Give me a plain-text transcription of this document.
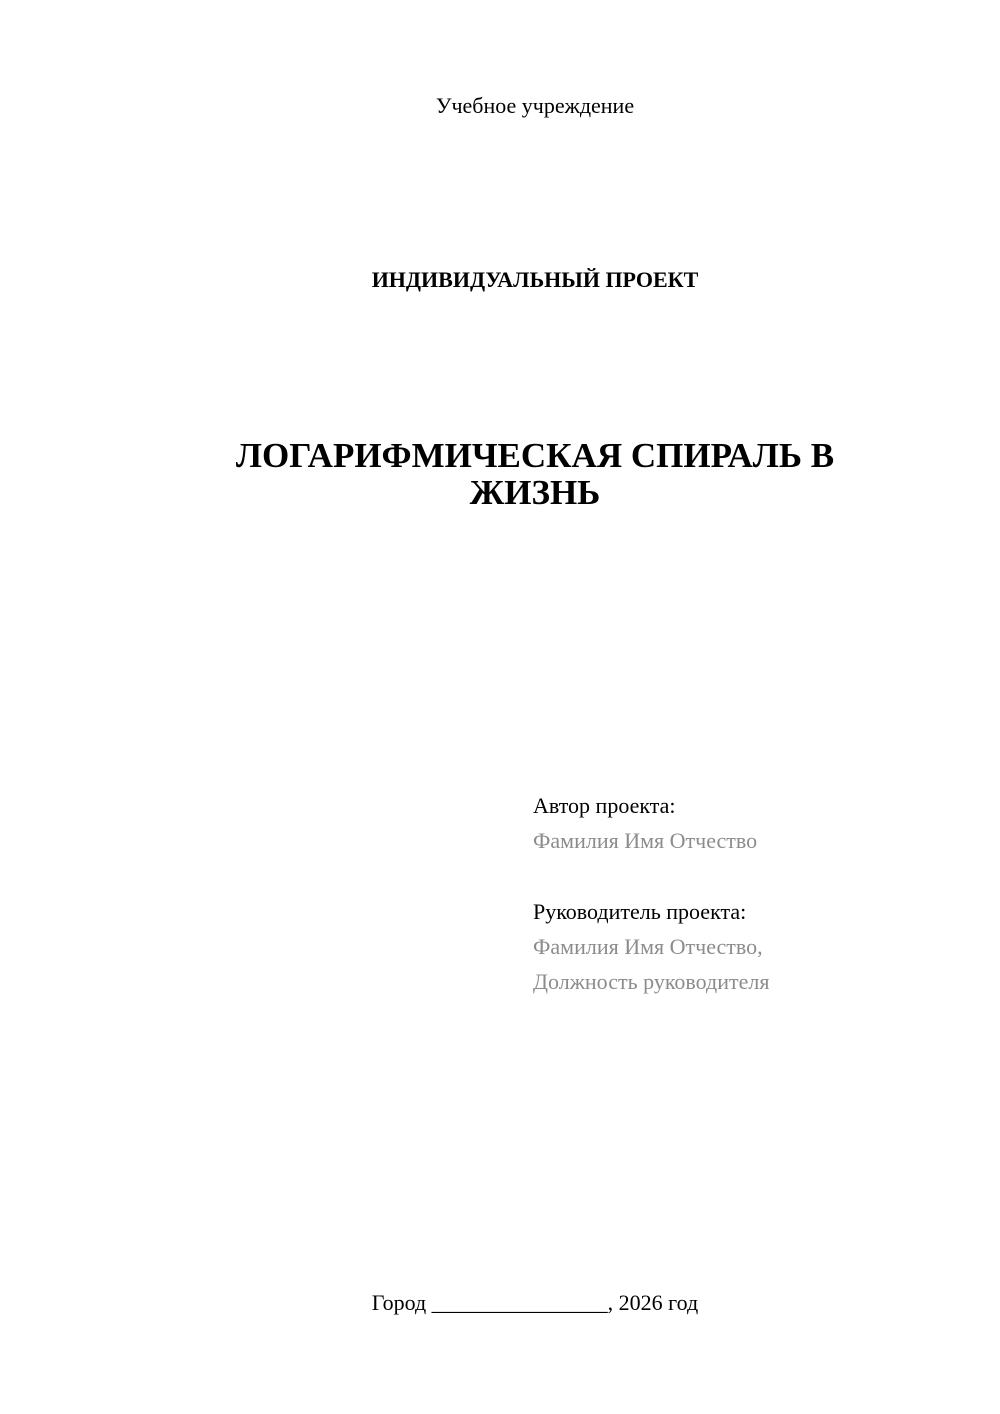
Учебное учреждение
ИНДИВИДУАЛЬНЫЙ ПРОЕКТ
ЛОГАРИФМИЧЕСКАЯ СПИРАЛЬ В
ЖИЗНЬ
Автор проекта:
Фамилия Имя Отчество
Руководитель проекта:
Фамилия Имя Отчество,
Должность руководителя
Город ________________, 2026 год
